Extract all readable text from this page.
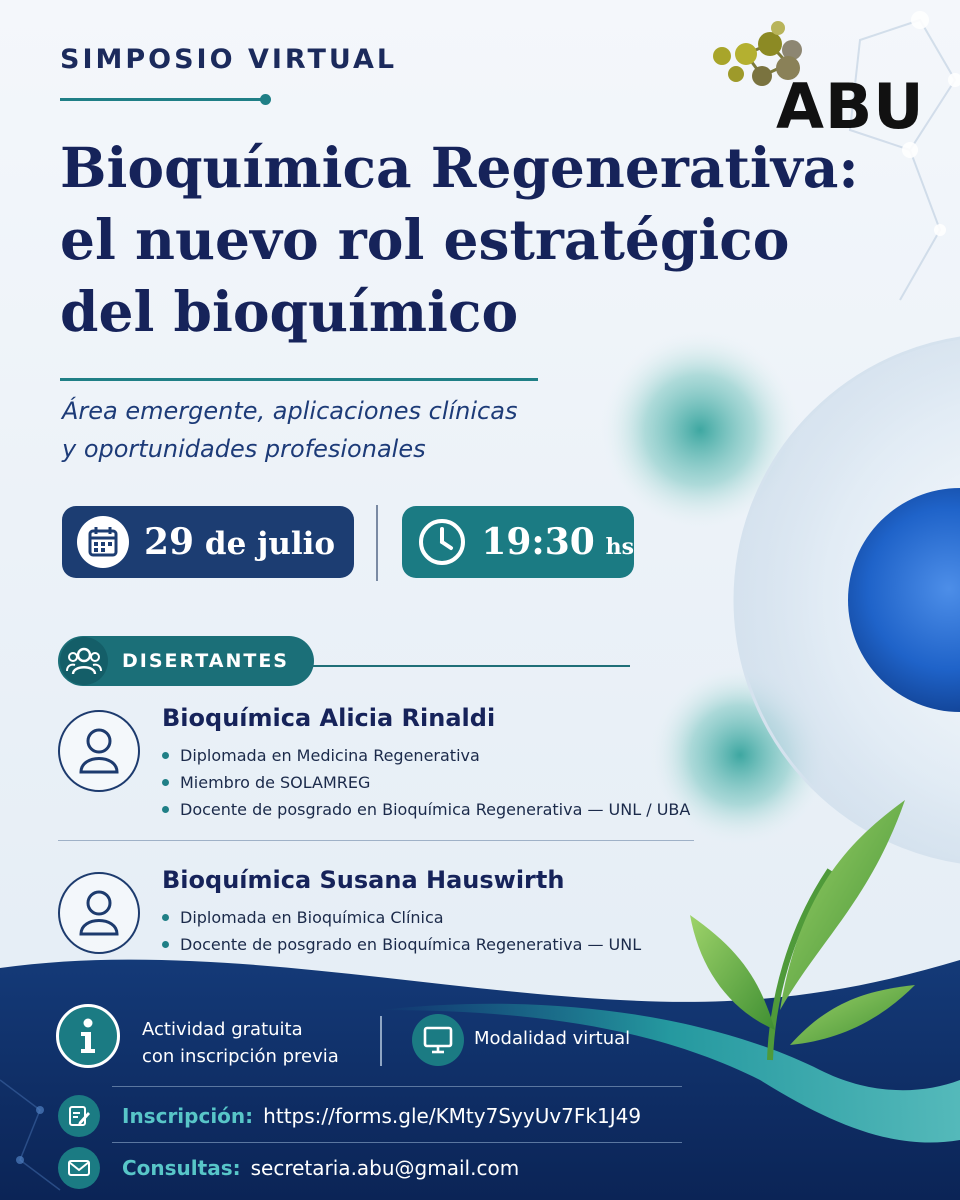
ABU
SIMPOSIO VIRTUAL
Bioquímica Regenerativa:
el nuevo rol estratégico
del bioquímico
Área emergente, aplicaciones clínicas
y oportunidades profesionales
29 de julio	19:30 hs
DISERTANTES
Bioquímica Alicia Rinaldi
Diplomada en Medicina Regenerativa
Miembro de SOLAMREG
Docente de posgrado en Bioquímica Regenerativa — UNL / UBA
Bioquímica Susana Hauswirth
Diplomada en Bioquímica Clínica
Docente de posgrado en Bioquímica Regenerativa — UNL
Actividad gratuita
con inscripción previa
Modalidad virtual
Inscripción: https://forms.gle/KMty7SyyUv7Fk1J49
Consultas: secretaria.abu@gmail.com
